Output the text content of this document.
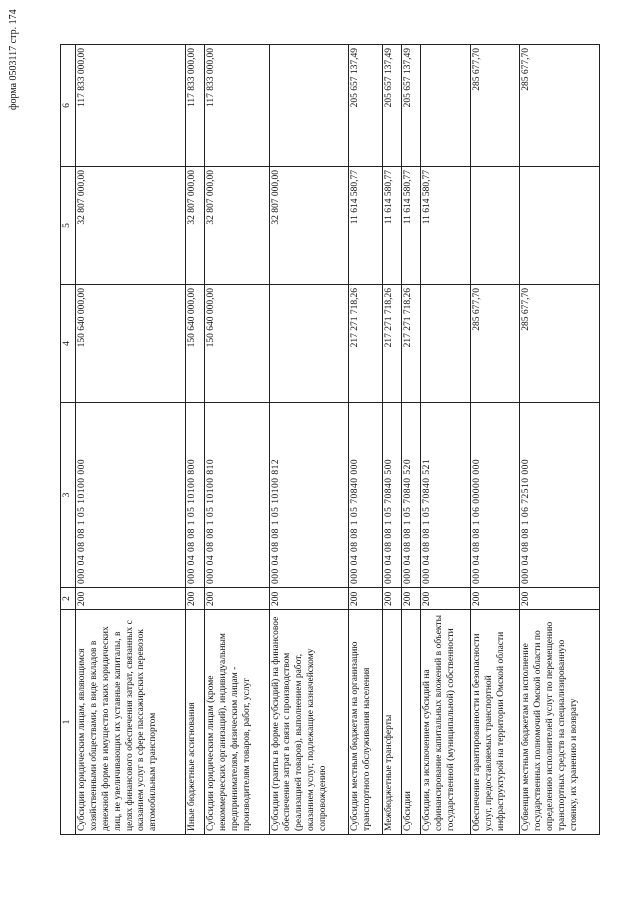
форма 0503117 стр. 174
1	2	3	4	5	6
Субсидии юридическим лицам, являющимся хозяйственными обществами, в виде вкладов в денежной форме в имущество таких юридических лиц, не увеличивающих их уставные капиталы, в целях финансового обеспечения затрат, связанных с оказанием услуг в сфере пассажирских перевозок автомобильным транспортом	200	000 04 08 08 1 05 10100 000	150 640 000,00	32 807 000,00	117 833 000,00
Иные бюджетные ассигнования	200	000 04 08 08 1 05 10100 800	150 640 000,00	32 807 000,00	117 833 000,00
Субсидии юридическим лицам (кроме некоммерческих организаций), индивидуальным предпринимателям, физическим лицам - производителям товаров, работ, услуг	200	000 04 08 08 1 05 10100 810	150 640 000,00	32 807 000,00	117 833 000,00
Субсидии (гранты в форме субсидий) на финансовое обеспечение затрат в связи с производством (реализацией товаров), выполнением работ, оказанием услуг, подлежащие казначейскому сопровождению	200	000 04 08 08 1 05 10100 812		32 807 000,00	
Субсидии местным бюджетам на организацию транспортного обслуживания населения	200	000 04 08 08 1 05 70840 000	217 271 718,26	11 614 580,77	205 657 137,49
Межбюджетные трансферты	200	000 04 08 08 1 05 70840 500	217 271 718,26	11 614 580,77	205 657 137,49
Субсидии	200	000 04 08 08 1 05 70840 520	217 271 718,26	11 614 580,77	205 657 137,49
Субсидии, за исключением субсидий на софинансирование капитальных вложений в объекты государственной (муниципальной) собственности	200	000 04 08 08 1 05 70840 521		11 614 580,77	
Обеспечение гарантированности и безопасности услуг, предоставляемых транспортной инфраструктурой на территории Омской области	200	000 04 08 08 1 06 00000 000	285 677,70		285 677,70
Субвенция местным бюджетам на исполнение государственных полномочий Омской области по определению исполнителей услуг по перемещению транспортных средств на специализированную стоянку, их хранению и возврату	200	000 04 08 08 1 06 72510 000	285 677,70		285 677,70
